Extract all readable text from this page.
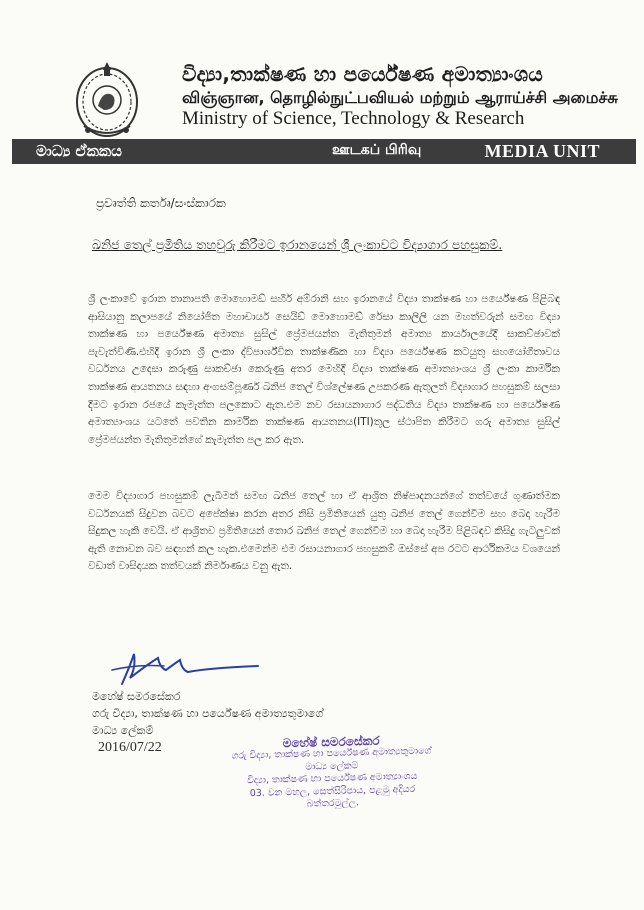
විද්‍යා,තාක්ෂණ හා පර්යේෂණ අමාත්‍යාංශය
விஞ்ஞான, தொழில்நுட்பவியல் மற்றும் ஆராய்ச்சி அமைச்சு
Ministry of Science, Technology & Research
මාධ්‍ය ඒකකය	ஊடகப் பிரிவு	MEDIA UNIT
ප්‍රවෘත්ති කර්තෘ/සංස්කාරක
ඛනිජ තෙල් ප්‍රමිතිය තහවුරු කිරීමට ඉරානයෙන් ශ්‍රී ලංකාවට විද්‍යාගාර පහසුකම්.

ශ්‍රී ලංකාවේ ඉරාන තානාපති මොහොමඩ් සහීර් අම්රානි සහ ඉරානයේ විද්‍යා තාක්ෂණ හා පර්යේෂණ පිළිබඳ ආසියානු කලාපයේ නියෝජිත මහාචාර්ය සෙයිඩ් මොහොමඩ් රේසා කාලිලි යන මහත්වරුන් සමඟ විද්‍යා තාක්ෂණ හා පර්යේෂණ අමාත්‍ය සුසිල් ප්‍රේමජයන්ත මැතිතුමන් අමාත්‍ය කාර්යාලයේදී සාකච්ඡාවක් පැවැත්විණි.එහිදී ඉරාන ශ්‍රී ලංකා ද්විපාර්ශ්වික තාක්ෂණික හා විද්‍යා පර්යේෂණ කටයුතු සහයෝගීතාවය වර්ධනය උදෙසා කරුණු සාකච්ඡා කෙරුණු අතර මෙහිදී විද්‍යා තාක්ෂණ අමාත්‍යාංශය ශ්‍රී ලංකා කාර්මික තාක්ෂණ ආයතනය සඳහා අංගසම්පූර්ණ ඛනිජ තෙල් විශ්ලේෂණ උපකරණ ඇතුලත් විද්‍යාගාර පහසුකම් සලසා දීමට ඉරාන රජයේ කැමැත්ත පලකොට ඇත.එම නව රසායනාගාර පද්ධතිය විද්‍යා තාක්ෂණ හා පර්යේෂණ අමාත්‍යාංශය යටතේ පවතින කාර්මික තාක්ෂණ ආයතනය(ITI)තුල ස්ථාපිත කිරීමට ගරු අමාත්‍ය සුසිල් ප්‍රේමජයන්ත මැතිතුමන්ගේ කැමැත්ත පල කර ඇත.

මෙම විද්‍යාගාර පහසුකම් ලැබීමත් සමඟ ඛනිජ තෙල් හා ඒ ආශ්‍රිත නිෂ්පාදනයන්ගේ තත්වයේ ගුණාත්මක වර්ධනයක් සිදුවන බවට අපේක්ෂා කරන අතර නිසි ප්‍රමිතියෙන් යුතු ඛනිජ තෙල් ගෙන්වීම සහ බෙදා හැරීම සිදුකල හැකි වෙයි. ඒ ආශ්‍රිතව ප්‍රමිතියෙන් තොර ඛනිජ තෙල් ගෙන්වීම හා බෙදා හැරීම පිළිබඳව කිසිදු ගැටලුවක් ඇති නොවන බව සඳහන් කල හැක.එමෙන්ම එම රසායනාගාර පහසුකම් ඔස්සේ අප රටට ආර්ථිකමය වශයෙන් වඩාත් වාසිදායක තත්වයක් නිර්මාණය වනු ඇත.

මහේෂ් සමරසේකර
ගරු විද්‍යා, තාක්ෂණ හා පර්යේෂණ අමාත්‍යතුමාගේ
මාධ්‍ය ලේකම්
2016/07/22	මහේෂ් සමරසේකර
ගරු විද්‍යා, තාක්ෂණ හා පර්යේෂණ අමාත්‍යතුමාගේ
මාධ්‍ය ලේකම්
විද්‍යා, තාක්ෂණ හා පර්යේෂණ අමාත්‍යාංශය
03. වන මහල, සෙත්සිරිපාය, පළමු අදියර
බත්තරමුල්ල.
